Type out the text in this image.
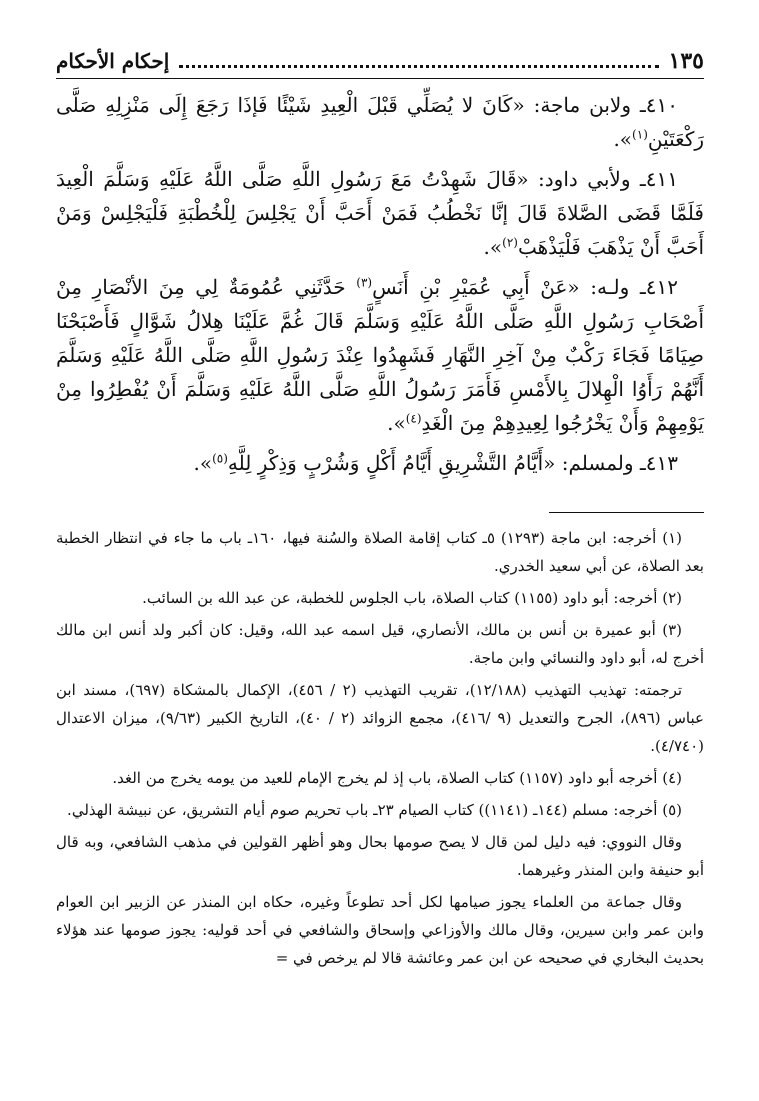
١٣٥
إحكام الأحكام

٤١٠ـ ولابن ماجة: «كَانَ لا يُصَلِّي قَبْلَ الْعِيدِ شَيْئًا فَإذَا رَجَعَ إِلَى مَنْزِلِهِ صَلَّى رَكْعَتَيْنِ$^{(١)}$».

٤١١ـ ولأبي داود: «قَالَ شَهِدْتُ مَعَ رَسُولِ اللَّهِ صَلَّى اللَّهُ عَلَيْهِ وَسَلَّمَ الْعِيدَ فَلَمَّا قَضَى الصَّلاةَ قَالَ إنَّا نَخْطُبُ فَمَنْ أَحَبَّ أَنْ يَجْلِسَ لِلْخُطْبَةِ فَلْيَجْلِسْ وَمَنْ أَحَبَّ أَنْ يَذْهَبَ فَلْيَذْهَبْ$^{(٢)}$».

٤١٢ـ ولـه: «عَنْ أَبِي عُمَيْرِ بْنِ أَنَسٍ$^{(٣)}$ حَدَّثَنِي عُمُومَةٌ لِي مِنَ الأنْصَارِ مِنْ أَصْحَابِ رَسُولِ اللَّهِ صَلَّى اللَّهُ عَلَيْهِ وَسَلَّمَ قَالَ غُمَّ عَلَيْنَا هِلالُ شَوَّالٍ فَأَصْبَحْنَا صِيَامًا فَجَاءَ رَكْبٌ مِنْ آخِرِ النَّهَارِ فَشَهِدُوا عِنْدَ رَسُولِ اللَّهِ صَلَّى اللَّهُ عَلَيْهِ وَسَلَّمَ أَنَّهُمْ رَأَوُا الْهِلالَ بِالأَمْسِ فَأَمَرَ رَسُولُ اللَّهِ صَلَّى اللَّهُ عَلَيْهِ وَسَلَّمَ أَنْ يُفْطِرُوا مِنْ يَوْمِهِمْ وَأَنْ يَخْرُجُوا لِعِيدِهِمْ مِنَ الْغَدِ$^{(٤)}$».

٤١٣ـ ولمسلم: «أَيَّامُ التَّشْرِيقِ أَيَّامُ أَكْلٍ وَشُرْبٍ وَذِكْرٍ لِلَّهِ$^{(٥)}$».

(١) أخرجه: ابن ماجة (١٢٩٣) ٥ـ كتاب إقامة الصلاة والسُنة فيها، ١٦٠ـ باب ما جاء في انتظار الخطبة بعد الصلاة، عن أبي سعيد الخدري.

(٢) أخرجه: أبو داود (١١٥٥) كتاب الصلاة، باب الجلوس للخطبة، عن عبد الله بن السائب.

(٣) أبو عميرة بن أنس بن مالك، الأنصاري، قيل اسمه عبد الله، وقيل: كان أكبر ولد أنس ابن مالك أخرج له، أبو داود والنسائي وابن ماجة.

ترجمته: تهذيب التهذيب (١٢/١٨٨)، تقريب التهذيب (٢ / ٤٥٦)، الإكمال بالمشكاة (٦٩٧)، مسند ابن عباس (٨٩٦)، الجرح والتعديل (٩ /٤١٦)، مجمع الزوائد (٢ / ٤٠)، التاريخ الكبير (٩/٦٣)، ميزان الاعتدال (٤/٧٤٠).

(٤) أخرجه أبو داود (١١٥٧) كتاب الصلاة، باب إذ لم يخرج الإمام للعيد من يومه يخرج من الغد.

(٥) أخرجه: مسلم (١٤٤ـ (١١٤١)) كتاب الصيام ٢٣ـ باب تحريم صوم أيام التشريق، عن نبيشة الهذلي.

وقال النووي: فيه دليل لمن قال لا يصح صومها بحال وهو أظهر القولين في مذهب الشافعي، وبه قال أبو حنيفة وابن المنذر وغيرهما.

وقال جماعة من العلماء يجوز صيامها لكل أحد تطوعاً وغيره، حكاه ابن المنذر عن الزبير ابن العوام وابن عمر وابن سيرين، وقال مالك والأوزاعي وإسحاق والشافعي في أحد قوليه: يجوز صومها عند هؤلاء بحديث البخاري في صحيحه عن ابن عمر وعائشة قالا لم يرخص في =
